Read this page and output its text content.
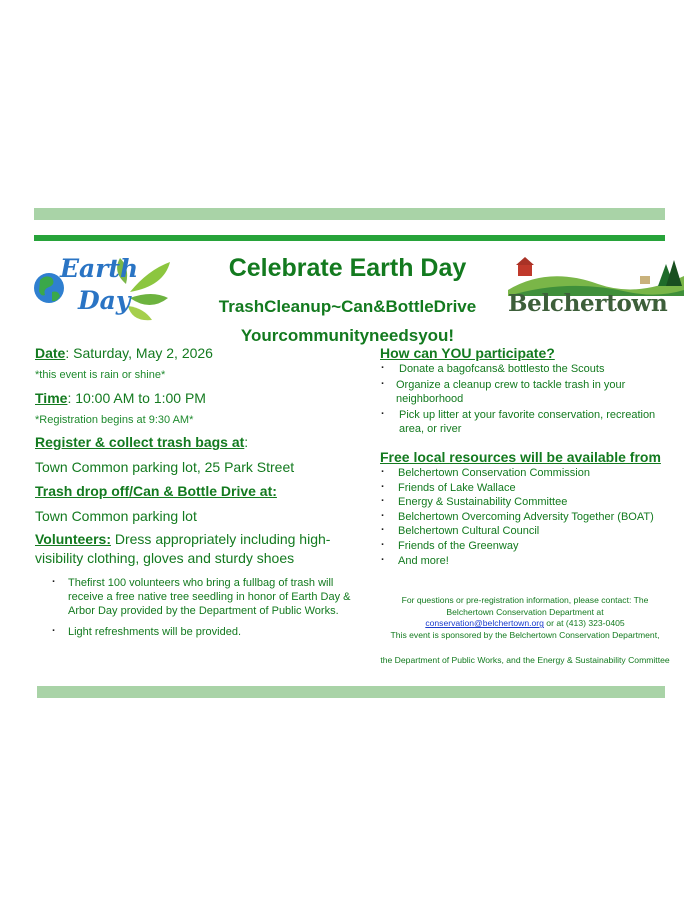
Earth
Day
Celebrate Earth Day
TrashCleanup~Can&BottleDrive
Yourcommunityneedsyou!
Belchertown
Date: Saturday, May 2, 2026
*this event is rain or shine*
Time: 10:00 AM to 1:00 PM
*Registration begins at 9:30 AM*
Register & collect trash bags at:
Town Common parking lot, 25 Park Street
Trash drop off/Can & Bottle Drive at:
Town Common parking lot
Volunteers: Dress appropriately including high-visibility clothing, gloves and sturdy shoes
· Thefirst 100 volunteers who bring a fullbag of trash will receive a free native tree seedling in honor of Earth Day & Arbor Day provided by the Department of Public Works.
· Light refreshments will be provided.
How can YOU participate?
· Donate a bagofcans& bottlesto the Scouts
· Organize a cleanup crew to tackle trash in your neighborhood
· Pick up litter at your favorite conservation, recreation area, or river
Free local resources will be available from
· Belchertown Conservation Commission
· Friends of Lake Wallace
· Energy & Sustainability Committee
· Belchertown Overcoming Adversity Together (BOAT)
· Belchertown Cultural Council
· Friends of the Greenway
· And more!
For questions or pre-registration information, please contact: The
Belchertown Conservation Department at
conservation@belchertown.org or at (413) 323-0405
This event is sponsored by the Belchertown Conservation Department,
the Department of Public Works, and the Energy & Sustainability Committee
